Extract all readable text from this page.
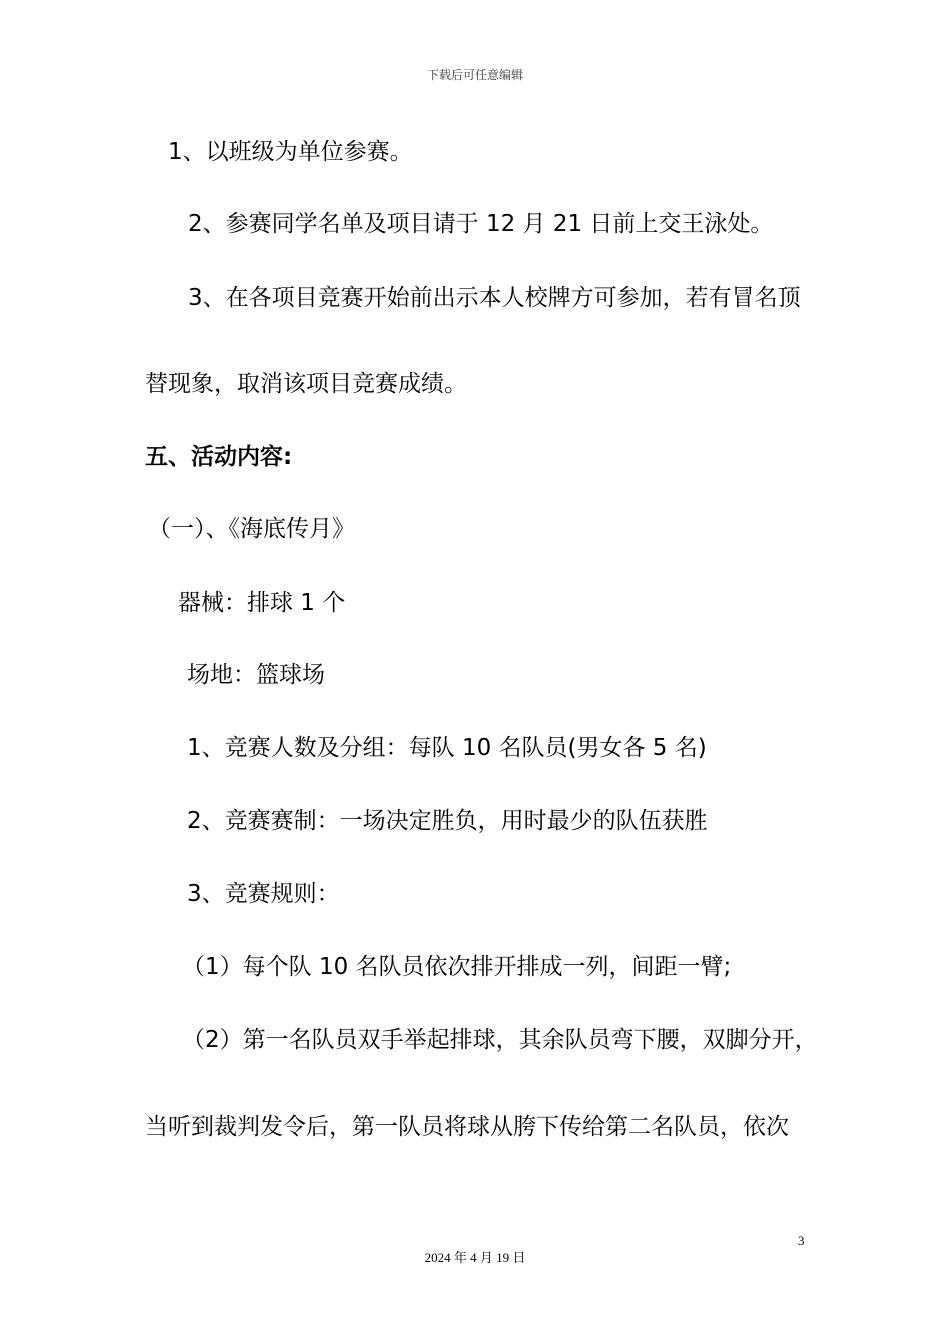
下载后可任意编辑
1、以班级为单位参赛。
2、参赛同学名单及项目请于 12 月 21 日前上交王泳处。
3、在各项目竞赛开始前出示本人校牌方可参加，若有冒名顶
替现象，取消该项目竞赛成绩。
五、活动内容:
（一）、《海底传月》
器械：排球 1 个
场地：篮球场
1、竞赛人数及分组：每队 10 名队员(男女各 5 名)
2、竞赛赛制：一场决定胜负，用时最少的队伍获胜
3、竞赛规则：
（1）每个队 10 名队员依次排开排成一列，间距一臂;
（2）第一名队员双手举起排球，其余队员弯下腰，双脚分开，
当听到裁判发令后，第一队员将球从胯下传给第二名队员，依次
3
2024 年 4 月 19 日
